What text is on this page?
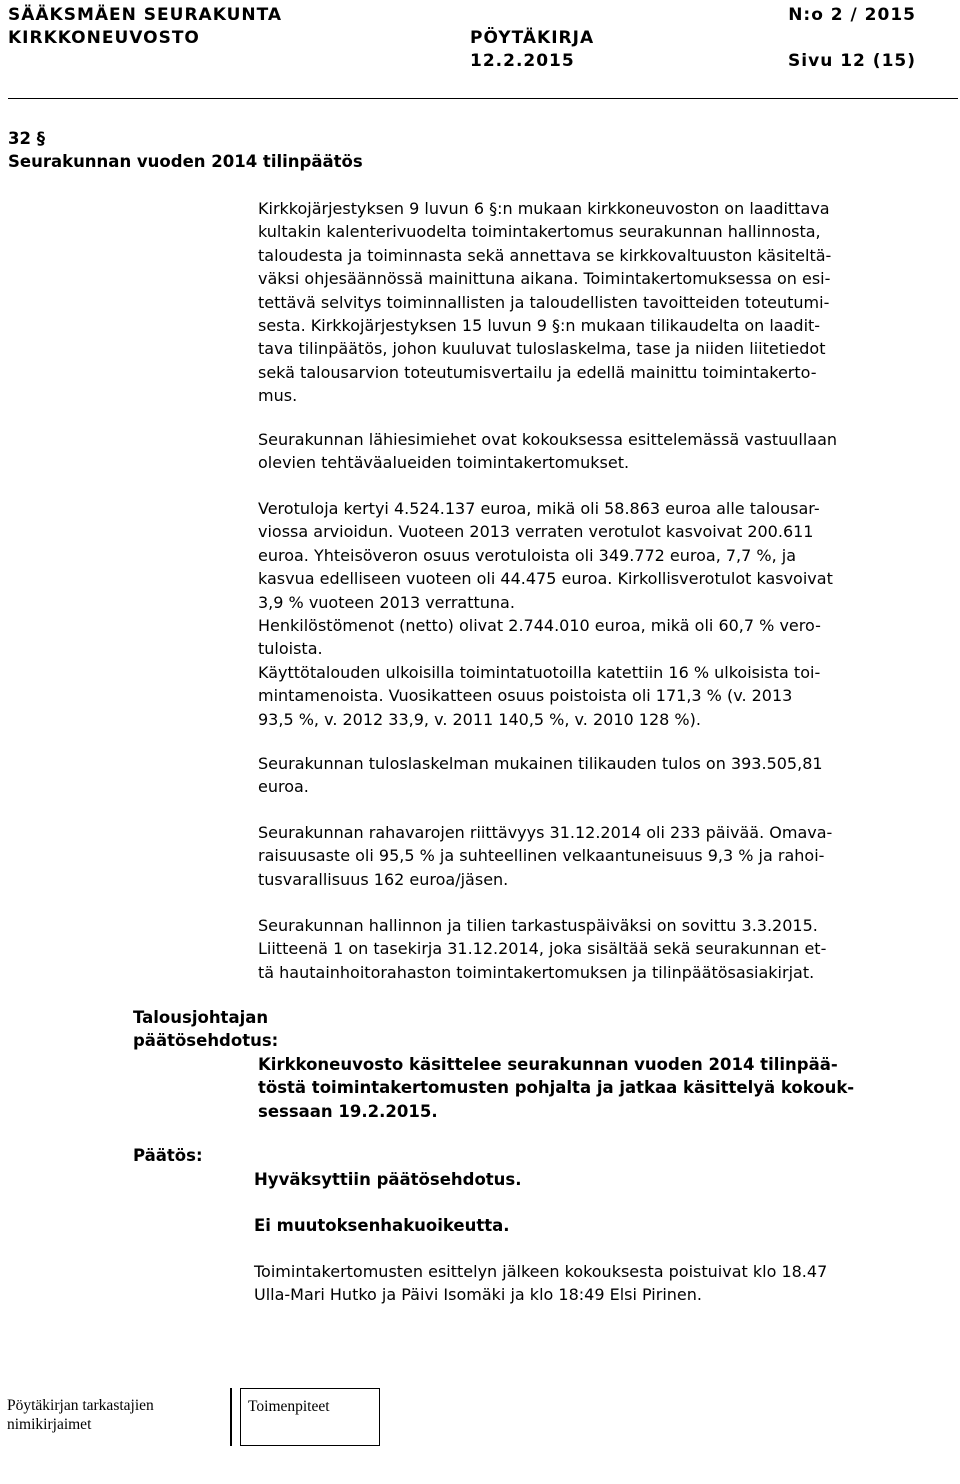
SÄÄKSMÄEN SEURAKUNTA
KIRKKONEUVOSTO	PÖYTÄKIRJA
12.2.2015
N:o 2 / 2015
Sivu 12 (15)
32 §
Seurakunnan vuoden 2014 tilinpäätös
Kirkkojärjestyksen 9 luvun 6 §:n mukaan kirkkoneuvoston on laadittava
kultakin kalenterivuodelta toimintakertomus seurakunnan hallinnosta,
taloudesta ja toiminnasta sekä annettava se kirkkovaltuuston käsiteltä-
väksi ohjesäännössä mainittuna aikana. Toimintakertomuksessa on esi-
tettävä selvitys toiminnallisten ja taloudellisten tavoitteiden toteutumi-
sesta. Kirkkojärjestyksen 15 luvun 9 §:n mukaan tilikaudelta on laadit-
tava tilinpäätös, johon kuuluvat tuloslaskelma, tase ja niiden liitetiedot
sekä talousarvion toteutumisvertailu ja edellä mainittu toimintakerto-
mus.
Seurakunnan lähiesimiehet ovat kokouksessa esittelemässä vastuullaan
olevien tehtäväalueiden toimintakertomukset.
Verotuloja kertyi 4.524.137 euroa, mikä oli 58.863 euroa alle talousar-
viossa arvioidun. Vuoteen 2013 verraten verotulot kasvoivat 200.611
euroa. Yhteisöveron osuus verotuloista oli 349.772 euroa, 7,7 %, ja
kasvua edelliseen vuoteen oli 44.475 euroa. Kirkollisverotulot kasvoivat
3,9 % vuoteen 2013 verrattuna.
Henkilöstömenot (netto) olivat 2.744.010 euroa, mikä oli 60,7 % vero-
tuloista.
Käyttötalouden ulkoisilla toimintatuotoilla katettiin 16 % ulkoisista toi-
mintamenoista. Vuosikatteen osuus poistoista oli 171,3 % (v. 2013
93,5 %, v. 2012 33,9, v. 2011 140,5 %, v. 2010 128 %).
Seurakunnan tuloslaskelman mukainen tilikauden tulos on 393.505,81
euroa.
Seurakunnan rahavarojen riittävyys 31.12.2014 oli 233 päivää. Omava-
raisuusaste oli 95,5 % ja suhteellinen velkaantuneisuus 9,3 % ja rahoi-
tusvarallisuus 162 euroa/jäsen.
Seurakunnan hallinnon ja tilien tarkastuspäiväksi on sovittu 3.3.2015.
Liitteenä 1 on tasekirja 31.12.2014, joka sisältää sekä seurakunnan et-
tä hautainhoitorahaston toimintakertomuksen ja tilinpäätösasiakirjat.
Talousjohtajan
päätösehdotus:
Kirkkoneuvosto käsittelee seurakunnan vuoden 2014 tilinpää-
töstä toimintakertomusten pohjalta ja jatkaa käsittelyä kokouk-
sessaan 19.2.2015.
Päätös:
Hyväksyttiin päätösehdotus.
Ei muutoksenhakuoikeutta.
Toimintakertomusten esittelyn jälkeen kokouksesta poistuivat klo 18.47
Ulla-Mari Hutko ja Päivi Isomäki ja klo 18:49 Elsi Pirinen.
Pöytäkirjan tarkastajien
nimikirjaimet
Toimenpiteet
